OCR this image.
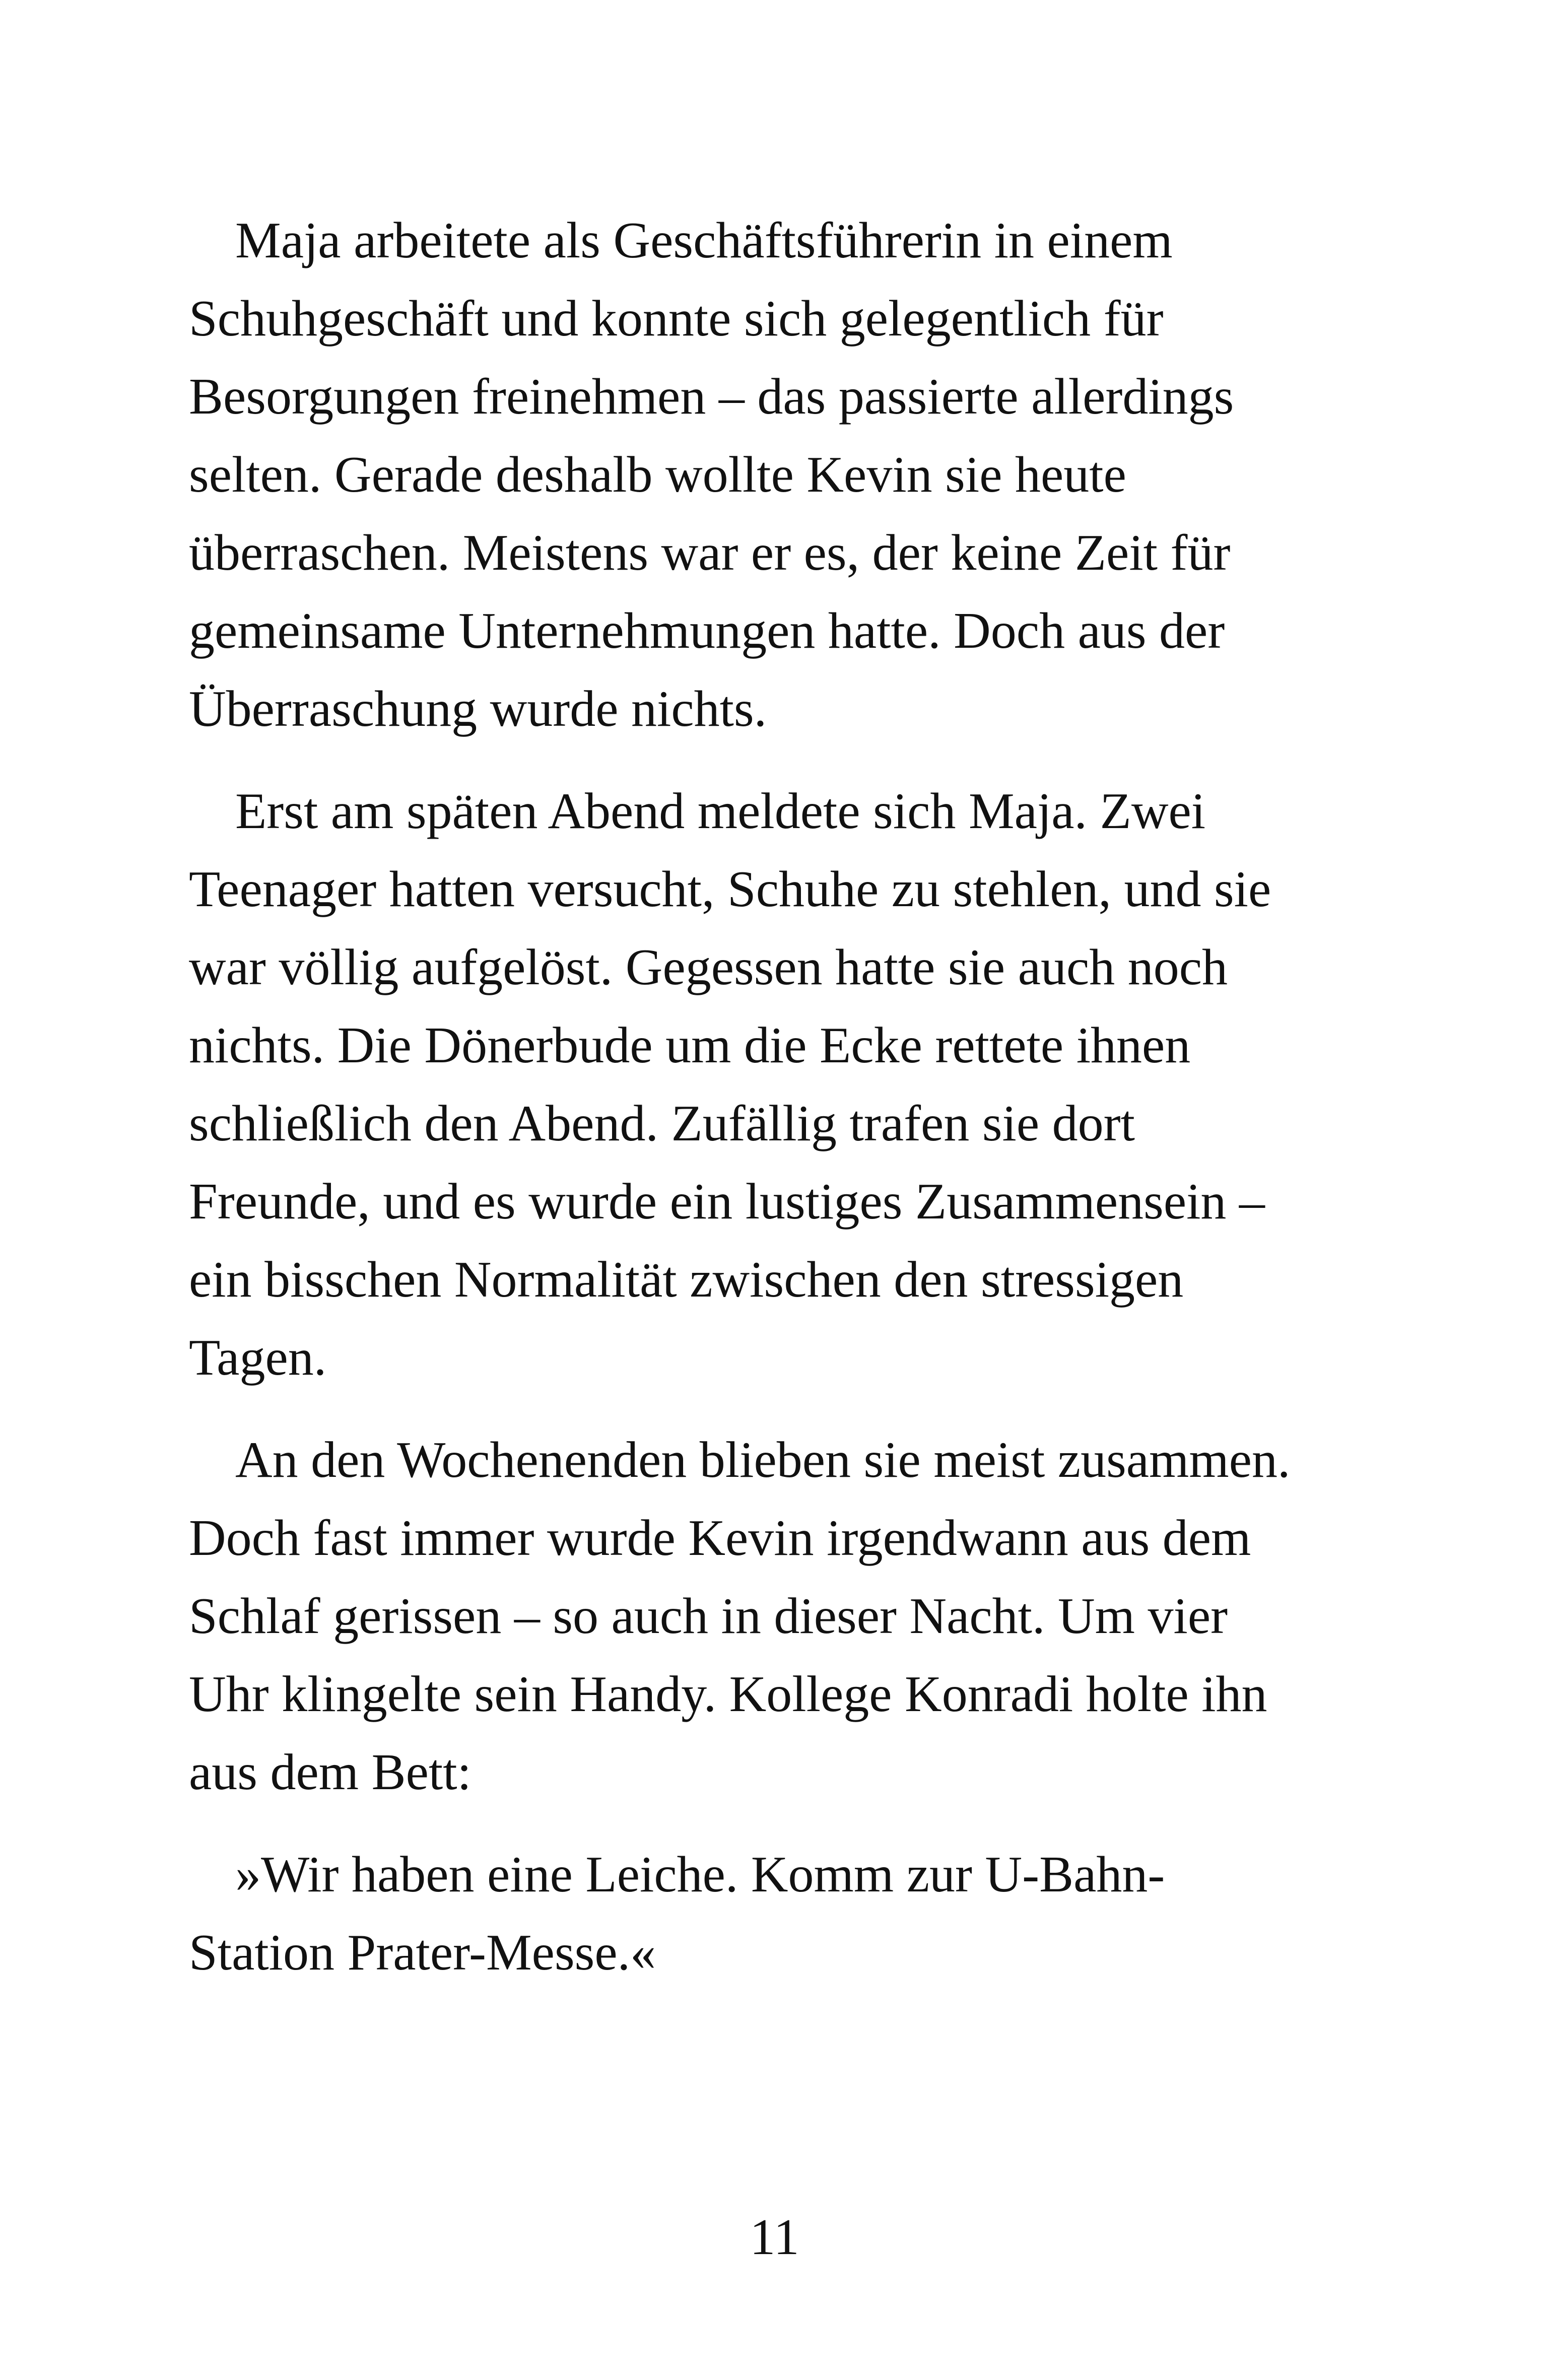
Maja arbeitete als Geschäftsführerin in einem
Schuhgeschäft und konnte sich gelegentlich für
Besorgungen freinehmen – das passierte allerdings
selten. Gerade deshalb wollte Kevin sie heute
überraschen. Meistens war er es, der keine Zeit für
gemeinsame Unternehmungen hatte. Doch aus der
Überraschung wurde nichts.

Erst am späten Abend meldete sich Maja. Zwei
Teenager hatten versucht, Schuhe zu stehlen, und sie
war völlig aufgelöst. Gegessen hatte sie auch noch
nichts. Die Dönerbude um die Ecke rettete ihnen
schließlich den Abend. Zufällig trafen sie dort
Freunde, und es wurde ein lustiges Zusammensein –
ein bisschen Normalität zwischen den stressigen
Tagen.

An den Wochenenden blieben sie meist zusammen.
Doch fast immer wurde Kevin irgendwann aus dem
Schlaf gerissen – so auch in dieser Nacht. Um vier
Uhr klingelte sein Handy. Kollege Konradi holte ihn
aus dem Bett:

»Wir haben eine Leiche. Komm zur U-Bahn-
Station Prater-Messe.«

11
